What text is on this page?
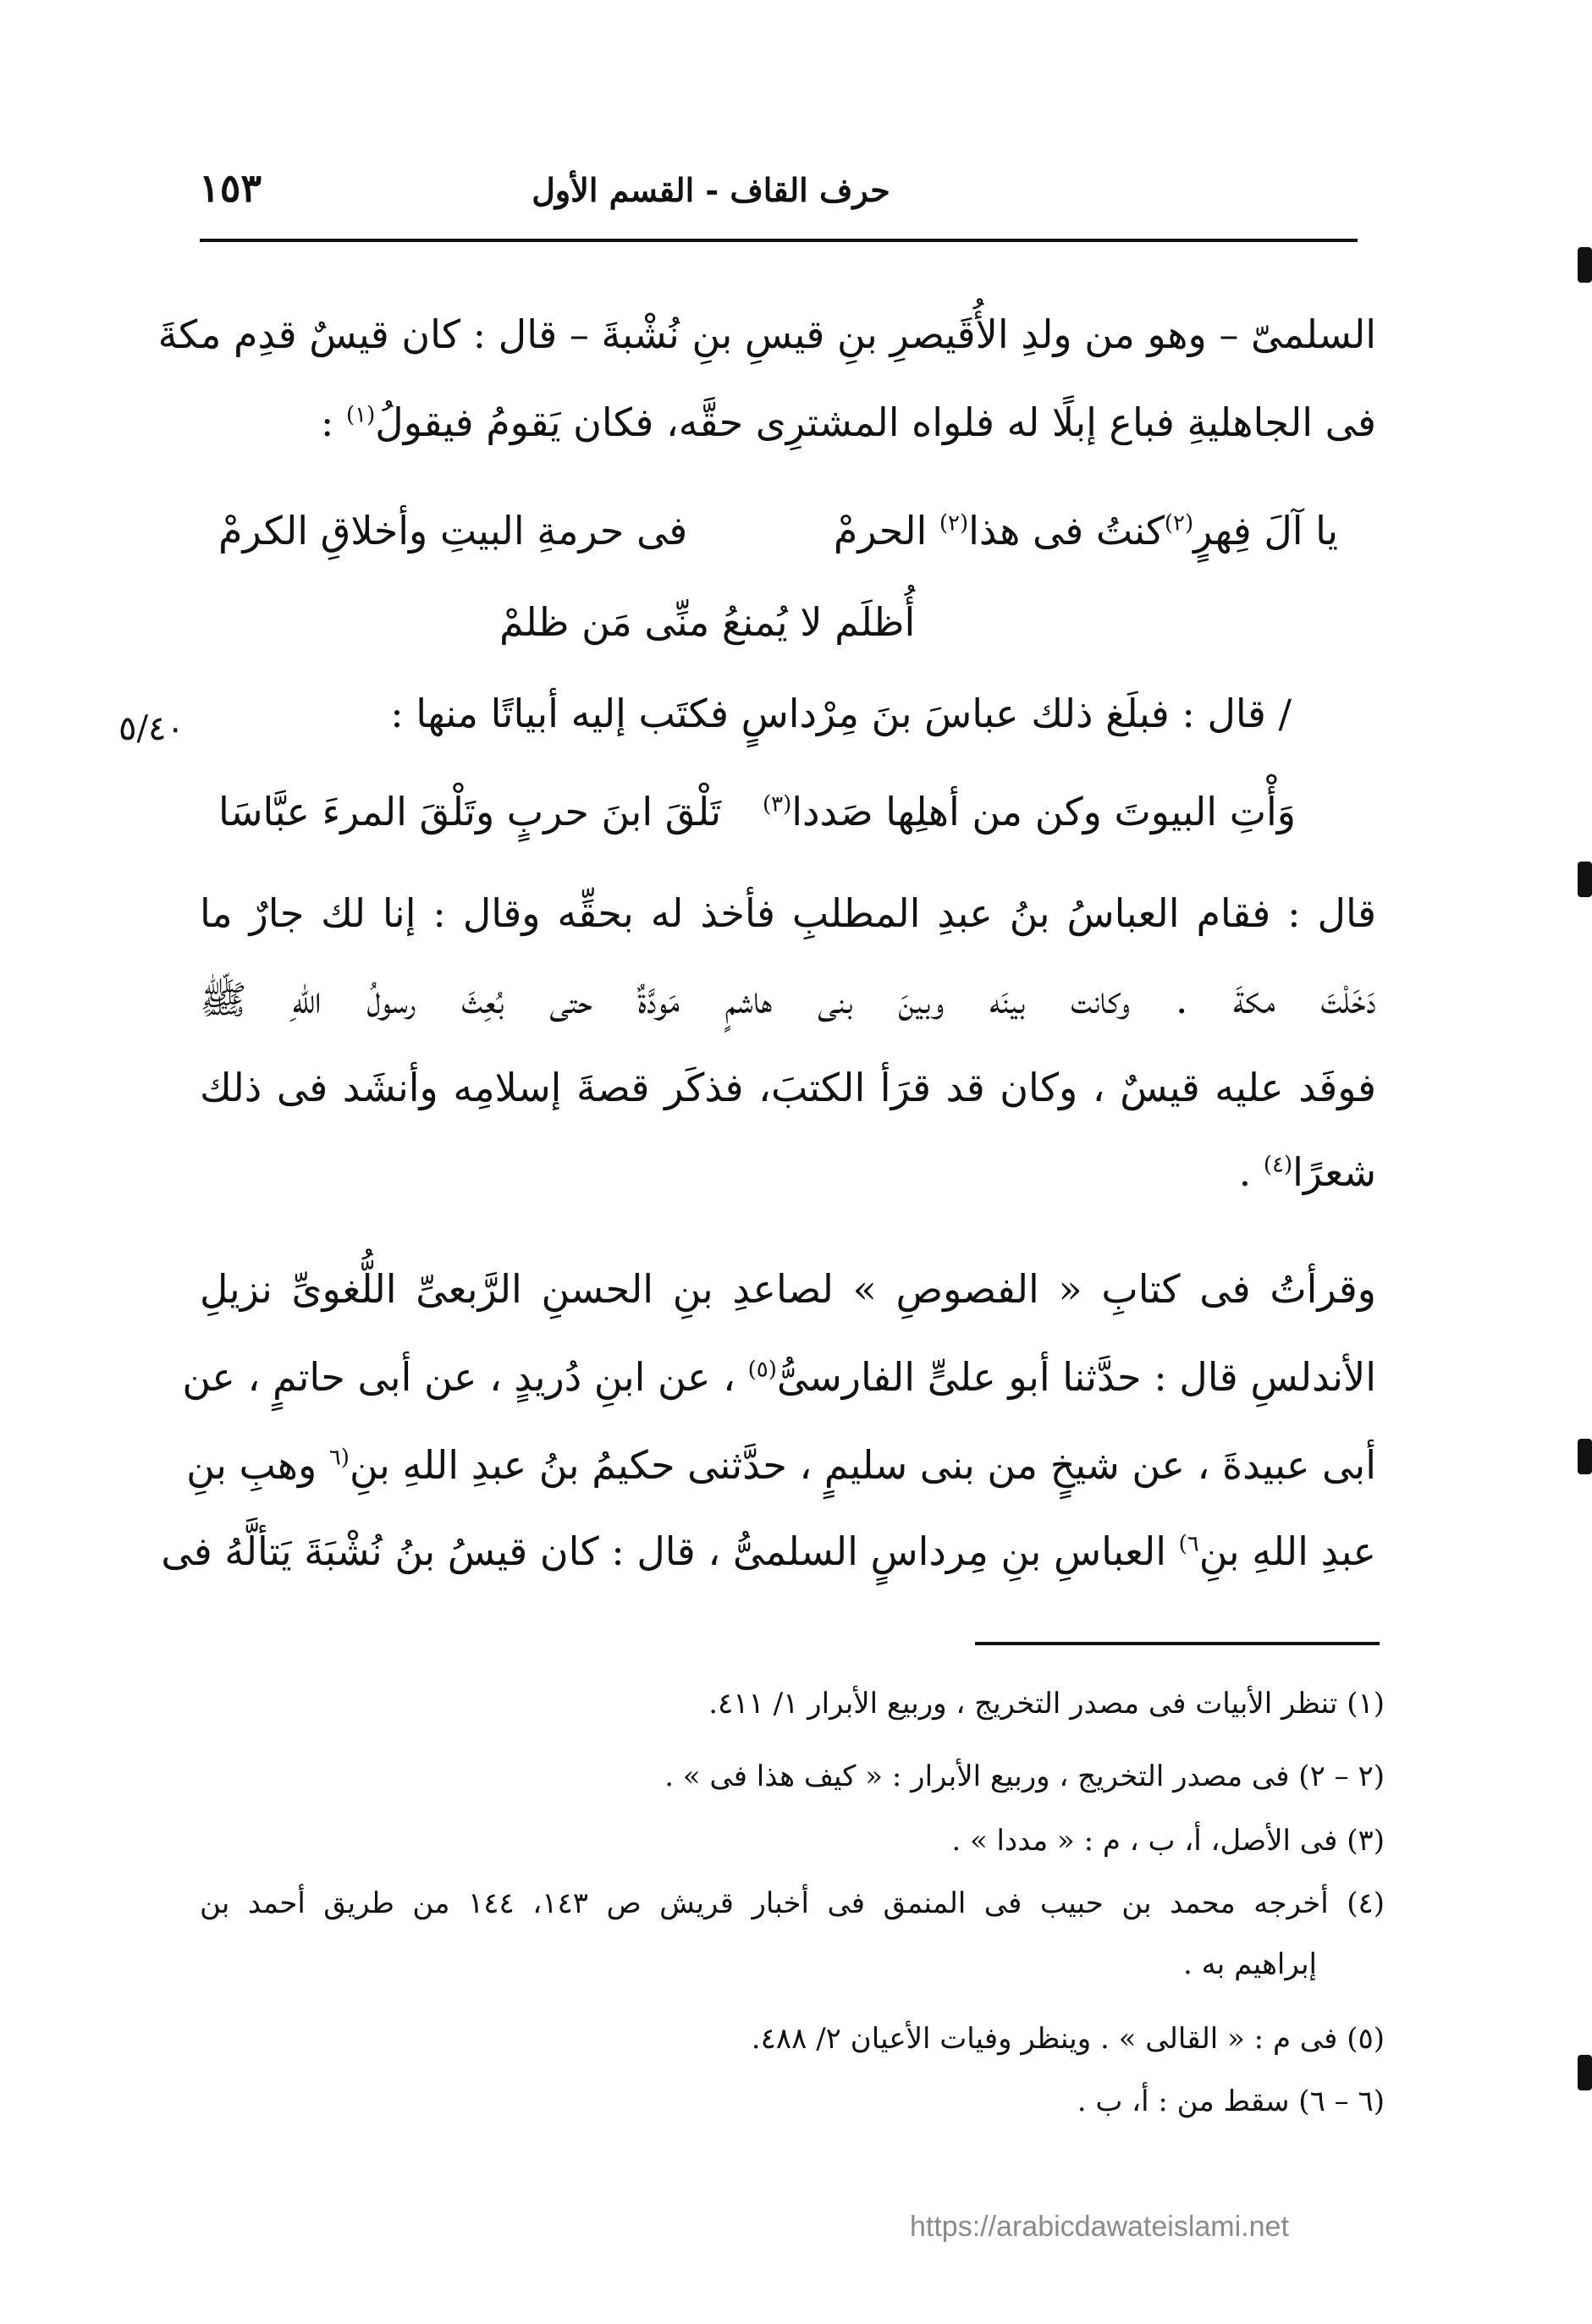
حرف القاف - القسم الأول
١٥٣
٥/٤٠
السلمىّ – وهو من ولدِ الأُقَيصرِ بنِ قيسِ بنِ نُشْبةَ – قال : كان قيسٌ قدِم مكةَ
فى الجاهليةِ فباع إبلًا له فلواه المشترِى حقَّه، فكان يَقومُ فيقولُ$^{(١)}$ :
يا آلَ فِهرٍ$^{(٢)}$كنتُ فى هذا$^{(٢)}$ الحرمْ
فى حرمةِ البيتِ وأخلاقِ الكرمْ
أُظلَم لا يُمنعُ منِّى مَن ظلمْ
/ قال : فبلَغ ذلك عباسَ بنَ مِرْداسٍ فكتَب إليه أبياتًا منها :
وَأْتِ البيوتَ وكن من أهلِها صَددا$^{(٣)}$
تَلْقَ ابنَ حربٍ وتَلْقَ المرءَ عبَّاسَا
قال : فقام العباسُ بنُ عبدِ المطلبِ فأخذ له بحقِّه وقال : إنا لك جارٌ ما
دَخَلْتَ مكةَ . وكانت بينَه وبينَ بنى هاشمٍ مَودَّةٌ حتى بُعِثَ رسولُ اللهِ ﷺ
فوفَد عليه قيسٌ ، وكان قد قرَأ الكتبَ، فذكَر قصةَ إسلامِه وأنشَد فى ذلك
شعرًا$^{(٤)}$ .
وقرأتُ فى كتابِ « الفصوصِ » لصاعدِ بنِ الحسنِ الرَّبعىِّ اللُّغوىِّ نزيلِ
الأندلسِ قال : حدَّثنا أبو علىٍّ الفارسىُّ$^{(٥)}$ ، عن ابنِ دُريدٍ ، عن أبى حاتمٍ ، عن
أبى عبيدةَ ، عن شيخٍ من بنى سليمٍ ، حدَّثنى حكيمُ بنُ عبدِ اللهِ بنِ$^{(٦}$ وهبِ بنِ
عبدِ اللهِ بنِ$^{٦)}$ العباسِ بنِ مِرداسٍ السلمىُّ ، قال : كان قيسُ بنُ نُشْبَةَ يَتألَّهُ فى
(١) تنظر الأبيات فى مصدر التخريج ، وربيع الأبرار ١/ ٤١١.
(٢ – ٢) فى مصدر التخريج ، وربيع الأبرار : « كيف هذا فى » .
(٣) فى الأصل، أ، ب ، م : « مددا » .
(٤) أخرجه محمد بن حبيب فى المنمق فى أخبار قريش ص ١٤٣، ١٤٤ من طريق أحمد بن
إبراهيم به .
(٥) فى م : « القالى » . وينظر وفيات الأعيان ٢/ ٤٨٨.
(٦ – ٦) سقط من : أ، ب .
https://arabicdawateislami.net
